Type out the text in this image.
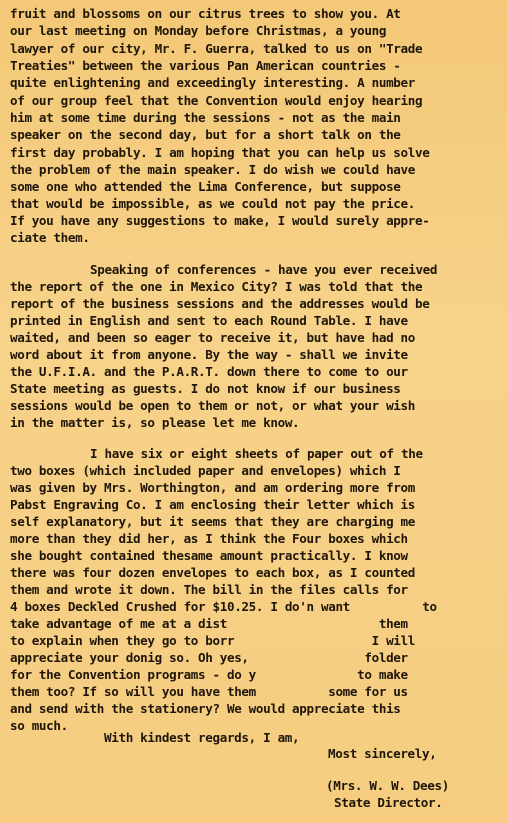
fruit and blossoms on our citrus trees to show you. At
our last meeting on Monday before Christmas, a young
lawyer of our city, Mr. F. Guerra, talked to us on "Trade
Treaties" between the various Pan American countries -
quite enlightening and exceedingly interesting. A number
of our group feel that the Convention would enjoy hearing
him at some time during the sessions - not as the main
speaker on the second day, but for a short talk on the
first day probably. I am hoping that you can help us solve
the problem of the main speaker. I do wish we could have
some one who attended the Lima Conference, but suppose
that would be impossible, as we could not pay the price.
If you have any suggestions to make, I would surely appre-
ciate them.
Speaking of conferences - have you ever received
the report of the one in Mexico City? I was told that the
report of the business sessions and the addresses would be
printed in English and sent to each Round Table. I have
waited, and been so eager to receive it, but have had no
word about it from anyone. By the way - shall we invite
the U.F.I.A. and the P.A.R.T. down there to come to our
State meeting as guests. I do not know if our business
sessions would be open to them or not, or what your wish
in the matter is, so please let me know.
I have six or eight sheets of paper out of the
two boxes (which included paper and envelopes) which I
was given by Mrs. Worthington, and am ordering more from
Pabst Engraving Co. I am enclosing their letter which is
self explanatory, but it seems that they are charging me
more than they did her, as I think the Four boxes which
she bought contained thesame amount practically. I know
there was four dozen envelopes to each box, as I counted
them and wrote it down. The bill in the files calls for
4 boxes Deckled Crushed for $10.25. I do'n want          to
take advantage of me at a dist                     them
to explain when they go to borr                   I will
appreciate your donig so. Oh yes,                folder
for the Convention programs - do y              to make
them too? If so will you have them          some for us
and send with the stationery? We would appreciate this
so much.
With kindest regards, I am,
Most sincerely,
(Mrs. W. W. Dees)
State Director.
